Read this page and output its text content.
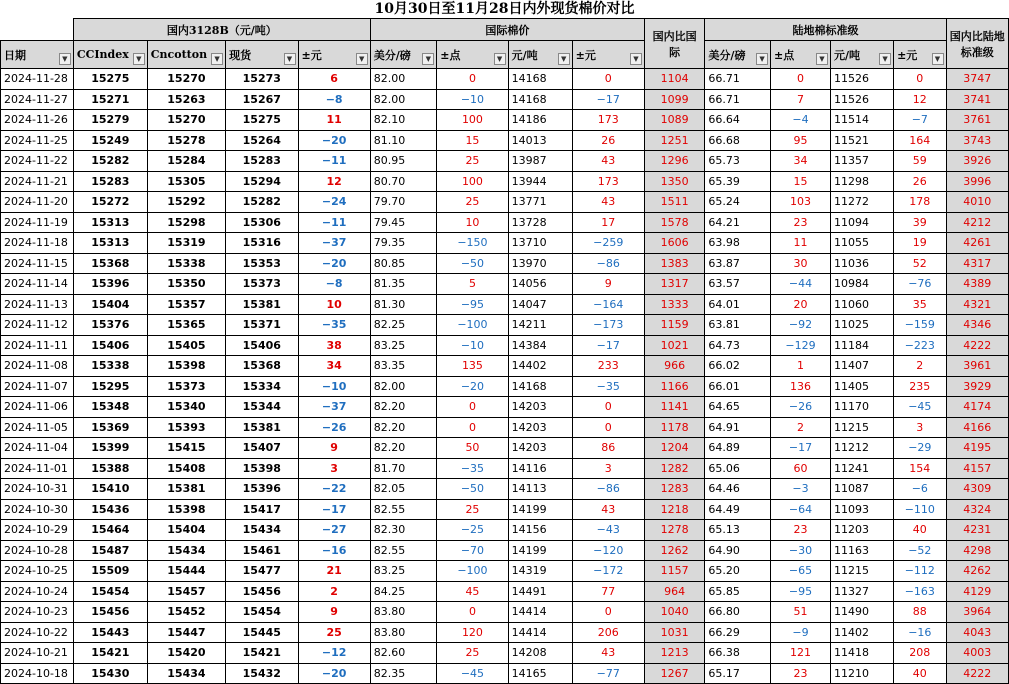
10月30日至11月28日内外现货棉价对比
	国内3128B（元/吨）				国际棉价				国内比国际	陆地棉标准级				国内比陆地标准级
日期 ▼	CCIndex ▼	Cncotton ▼	现货 ▼	±元 ▼	美分/磅 ▼	±点 ▼	元/吨 ▼	±元 ▼		美分/磅 ▼	±点 ▼	元/吨 ▼	±元 ▼	

2024-11-28	15275	15270	15273	6	82.00	0	14168	0	1104	66.71	0	11526	0	3747
2024-11-27	15271	15263	15267	−8	82.00	−10	14168	−17	1099	66.71	7	11526	12	3741
2024-11-26	15279	15270	15275	11	82.10	100	14186	173	1089	66.64	−4	11514	−7	3761
2024-11-25	15249	15278	15264	−20	81.10	15	14013	26	1251	66.68	95	11521	164	3743
2024-11-22	15282	15284	15283	−11	80.95	25	13987	43	1296	65.73	34	11357	59	3926
2024-11-21	15283	15305	15294	12	80.70	100	13944	173	1350	65.39	15	11298	26	3996
2024-11-20	15272	15292	15282	−24	79.70	25	13771	43	1511	65.24	103	11272	178	4010
2024-11-19	15313	15298	15306	−11	79.45	10	13728	17	1578	64.21	23	11094	39	4212
2024-11-18	15313	15319	15316	−37	79.35	−150	13710	−259	1606	63.98	11	11055	19	4261
2024-11-15	15368	15338	15353	−20	80.85	−50	13970	−86	1383	63.87	30	11036	52	4317
2024-11-14	15396	15350	15373	−8	81.35	5	14056	9	1317	63.57	−44	10984	−76	4389
2024-11-13	15404	15357	15381	10	81.30	−95	14047	−164	1333	64.01	20	11060	35	4321
2024-11-12	15376	15365	15371	−35	82.25	−100	14211	−173	1159	63.81	−92	11025	−159	4346
2024-11-11	15406	15405	15406	38	83.25	−10	14384	−17	1021	64.73	−129	11184	−223	4222
2024-11-08	15338	15398	15368	34	83.35	135	14402	233	966	66.02	1	11407	2	3961
2024-11-07	15295	15373	15334	−10	82.00	−20	14168	−35	1166	66.01	136	11405	235	3929
2024-11-06	15348	15340	15344	−37	82.20	0	14203	0	1141	64.65	−26	11170	−45	4174
2024-11-05	15369	15393	15381	−26	82.20	0	14203	0	1178	64.91	2	11215	3	4166
2024-11-04	15399	15415	15407	9	82.20	50	14203	86	1204	64.89	−17	11212	−29	4195
2024-11-01	15388	15408	15398	3	81.70	−35	14116	3	1282	65.06	60	11241	154	4157
2024-10-31	15410	15381	15396	−22	82.05	−50	14113	−86	1283	64.46	−3	11087	−6	4309
2024-10-30	15436	15398	15417	−17	82.55	25	14199	43	1218	64.49	−64	11093	−110	4324
2024-10-29	15464	15404	15434	−27	82.30	−25	14156	−43	1278	65.13	23	11203	40	4231
2024-10-28	15487	15434	15461	−16	82.55	−70	14199	−120	1262	64.90	−30	11163	−52	4298
2024-10-25	15509	15444	15477	21	83.25	−100	14319	−172	1157	65.20	−65	11215	−112	4262
2024-10-24	15454	15457	15456	2	84.25	45	14491	77	964	65.85	−95	11327	−163	4129
2024-10-23	15456	15452	15454	9	83.80	0	14414	0	1040	66.80	51	11490	88	3964
2024-10-22	15443	15447	15445	25	83.80	120	14414	206	1031	66.29	−9	11402	−16	4043
2024-10-21	15421	15420	15421	−12	82.60	25	14208	43	1213	66.38	121	11418	208	4003
2024-10-18	15430	15434	15432	−20	82.35	−45	14165	−77	1267	65.17	23	11210	40	4222
